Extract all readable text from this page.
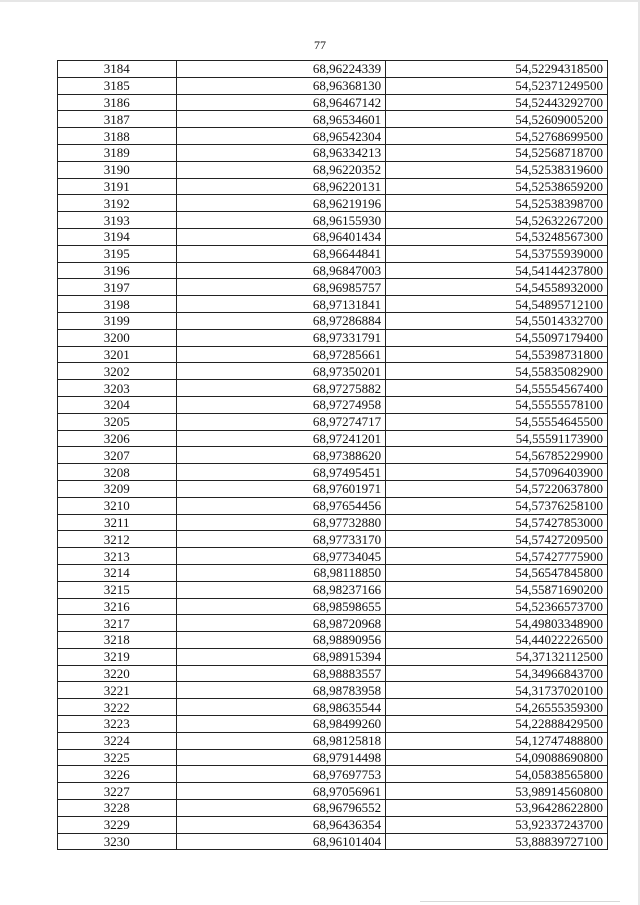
77
3184	68,96224339	54,52294318500
3185	68,96368130	54,52371249500
3186	68,96467142	54,52443292700
3187	68,96534601	54,52609005200
3188	68,96542304	54,52768699500
3189	68,96334213	54,52568718700
3190	68,96220352	54,52538319600
3191	68,96220131	54,52538659200
3192	68,96219196	54,52538398700
3193	68,96155930	54,52632267200
3194	68,96401434	54,53248567300
3195	68,96644841	54,53755939000
3196	68,96847003	54,54144237800
3197	68,96985757	54,54558932000
3198	68,97131841	54,54895712100
3199	68,97286884	54,55014332700
3200	68,97331791	54,55097179400
3201	68,97285661	54,55398731800
3202	68,97350201	54,55835082900
3203	68,97275882	54,55554567400
3204	68,97274958	54,55555578100
3205	68,97274717	54,55554645500
3206	68,97241201	54,55591173900
3207	68,97388620	54,56785229900
3208	68,97495451	54,57096403900
3209	68,97601971	54,57220637800
3210	68,97654456	54,57376258100
3211	68,97732880	54,57427853000
3212	68,97733170	54,57427209500
3213	68,97734045	54,57427775900
3214	68,98118850	54,56547845800
3215	68,98237166	54,55871690200
3216	68,98598655	54,52366573700
3217	68,98720968	54,49803348900
3218	68,98890956	54,44022226500
3219	68,98915394	54,37132112500
3220	68,98883557	54,34966843700
3221	68,98783958	54,31737020100
3222	68,98635544	54,26555359300
3223	68,98499260	54,22888429500
3224	68,98125818	54,12747488800
3225	68,97914498	54,09088690800
3226	68,97697753	54,05838565800
3227	68,97056961	53,98914560800
3228	68,96796552	53,96428622800
3229	68,96436354	53,92337243700
3230	68,96101404	53,88839727100
